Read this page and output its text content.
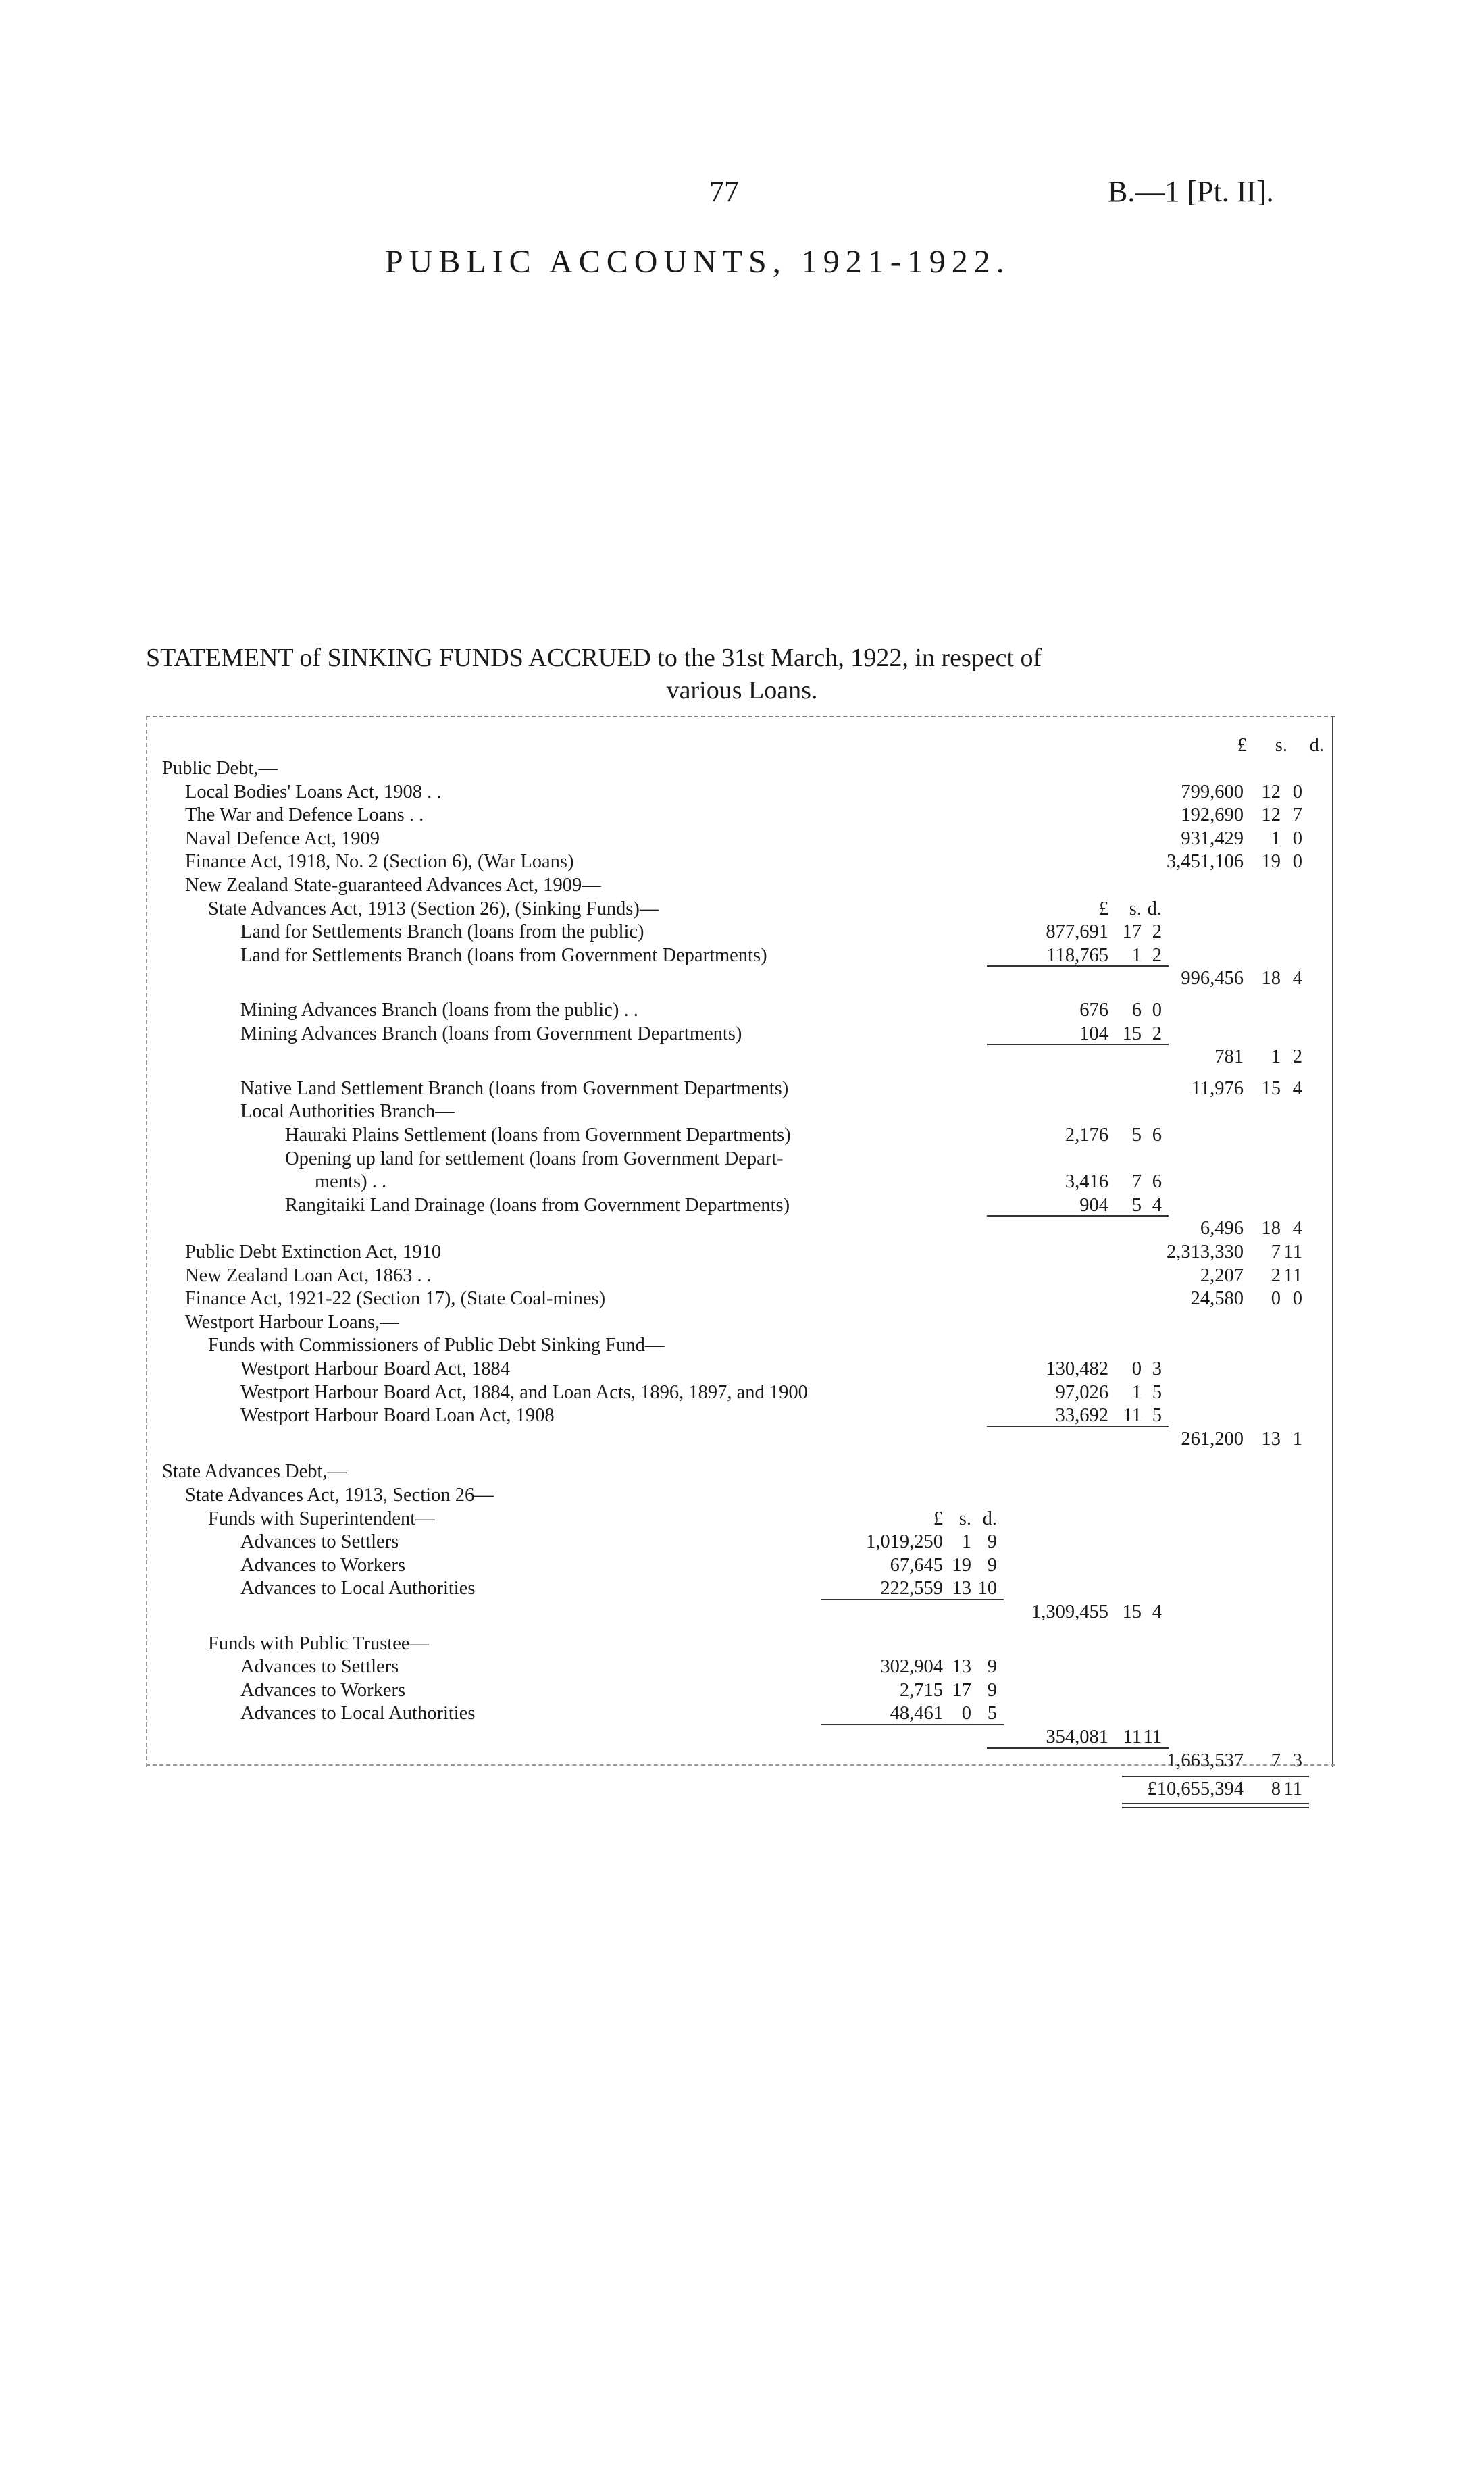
77	B.—1 [Pt. II].
PUBLIC ACCOUNTS, 1921-1922.
STATEMENT of SINKING FUNDS ACCRUED to the 31st March, 1922, in respect of
various Loans.
£	s.	d.
Public Debt,—
Local Bodies' Loans Act, 1908 . .	799,600 12 0
The War and Defence Loans . .	192,690 12 7
Naval Defence Act, 1909	931,429	1 0
Finance Act, 1918, No. 2 (Section 6), (War Loans)	3,451,106 19 0
New Zealand State-guaranteed Advances Act, 1909—
State Advances Act, 1913 (Section 26), (Sinking Funds)—	£	s. d.
Land for Settlements Branch (loans from the public)	877,691 17 2
Land for Settlements Branch (loans from Government Departments)	118,765	1 2
996,456 18 4
Mining Advances Branch (loans from the public) . .	676	6 0
Mining Advances Branch (loans from Government Departments)	104 15 2
781	1 2
Native Land Settlement Branch (loans from Government Departments)	11,976 15 4
Local Authorities Branch—
Hauraki Plains Settlement (loans from Government Departments)	2,176	5 6
Opening up land for settlement (loans from Government Depart-
ments) . .	3,416	7 6
Rangitaiki Land Drainage (loans from Government Departments)	904	5 4
6,496 18 4
Public Debt Extinction Act, 1910	2,313,330	7 11
New Zealand Loan Act, 1863 . .	2,207	2 11
Finance Act, 1921-22 (Section 17), (State Coal-mines)	24,580	0 0
Westport Harbour Loans,—
Funds with Commissioners of Public Debt Sinking Fund—
Westport Harbour Board Act, 1884	130,482	0 3
Westport Harbour Board Act, 1884, and Loan Acts, 1896, 1897, and 1900	97,026	1 5
Westport Harbour Board Loan Act, 1908	33,692 11 5
261,200 13 1
State Advances Debt,—
State Advances Act, 1913, Section 26—
Funds with Superintendent—	£ s. d.
Advances to Settlers	1,019,250 1 9
Advances to Workers	67,645 19 9
Advances to Local Authorities	222,559 13 10
1,309,455 15 4
Funds with Public Trustee—
Advances to Settlers	302,904 13 9
Advances to Workers	2,715 17 9
Advances to Local Authorities	48,461 0 5
354,081 11 11
1,663,537	7 3
£10,655,394	8 11
